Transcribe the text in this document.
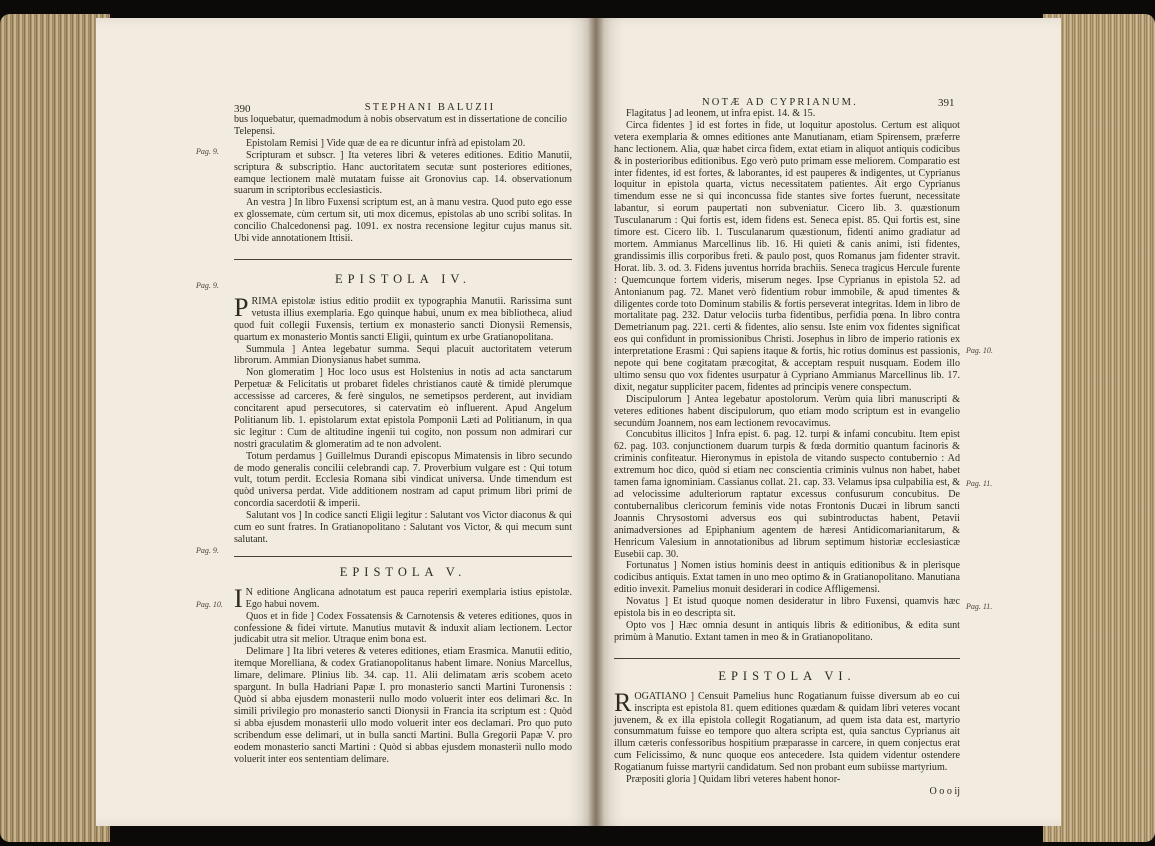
390	STEPHANI BALUZII
Pag. 9.
Pag. 9.
Pag. 9.
Pag. 10.

bus loquebatur, quemadmodum à nobis observatum est in dissertatione de concilio

Telepensi.

Epistolam Remisi ] Vide quæ de ea re dicuntur infrà ad epistolam 20.

Scripturam et subscr. ] Ita veteres libri & veteres editiones. Editio Manutii, scriptura & subscriptio. Hanc auctoritatem secutæ sunt posteriores editiones, eamque lectionem malè mutatam fuisse ait Gronovius cap. 14. observationum suarum in scriptoribus ecclesiasticis.

An vestra ] In libro Fuxensi scriptum est, an à manu vestra. Quod puto ego esse ex glossemate, cùm certum sit, uti mox dicemus, epistolas ab uno scribi solitas. In concilio Chalcedonensi pag. 1091. ex nostra recensione legitur cujus manus sit. Ubi vide annotationem Ittisii.

EPISTOLA IV.
P RIMA epistolæ istius editio prodiit ex typographia Manutii. Rarissima sunt vetusta illius exemplaria. Ego quinque habui, unum ex mea bibliotheca, aliud quod fuit collegii Fuxensis, tertium ex monasterio sancti Dionysii Remensis, quartum ex monasterio Montis sancti Eligii, quintum ex urbe Gratianopolitana.

Summula ] Antea legebatur summa. Sequi placuit auctoritatem veterum librorum. Ammian Dionysianus habet summa.

Non glomeratim ] Hoc loco usus est Holstenius in notis ad acta sanctarum Perpetuæ & Felicitatis ut probaret fideles christianos cautè & timidè plerumque accessisse ad carceres, & ferè singulos, ne semetipsos perderent, aut invidiam concitarent apud persecutores, si catervatim eò influerent. Apud Angelum Politianum lib. 1. epistolarum extat epistola Pomponii Læti ad Politianum, in qua sic legitur : Cum de altitudine ingenii tui cogito, non possum non admirari cur nostri graculatim & glomeratim ad te non advolent.

Totum perdamus ] Guillelmus Durandi episcopus Mimatensis in libro secundo de modo generalis concilii celebrandi cap. 7. Proverbium vulgare est : Qui totum vult, totum perdit. Ecclesia Romana sibi vindicat universa. Unde timendum est quòd universa perdat. Vide additionem nostram ad caput primum libri primi de concordia sacerdotii & imperii.

Salutant vos ] In codice sancti Eligii legitur : Salutant vos Victor diaconus & qui cum eo sunt fratres. In Gratianopolitano : Salutant vos Victor, & qui mecum sunt salutant.

EPISTOLA V.
I N editione Anglicana adnotatum est pauca reperiri exemplaria istius epistolæ. Ego habui novem.

Quos et in fide ] Codex Fossatensis & Carnotensis & veteres editiones, quos in confessione & fidei virtute. Manutius mutavit & induxit aliam lectionem. Lector judicabit utra sit melior. Utraque enim bona est.

Delimare ] Ita libri veteres & veteres editiones, etiam Erasmica. Manutii editio, itemque Morelliana, & codex Gratianopolitanus habent limare. Nonius Marcellus, limare, delimare. Plinius lib. 34. cap. 11. Alii delimatam æris scobem aceto spargunt. In bulla Hadriani Papæ I. pro monasterio sancti Martini Turonensis : Quòd si abba ejusdem monasterii nullo modo voluerit inter eos delimari &c. In simili privilegio pro monasterio sancti Dionysii in Francia ita scriptum est : Quòd si abba ejusdem monasterii ullo modo voluerit inter eos declamari. Pro quo puto scribendum esse delimari, ut in bulla sancti Martini. Bulla Gregorii Papæ V. pro eodem monasterio sancti Martini : Quòd si abbas ejusdem monasterii nullo modo voluerit inter eos sententiam delimare.

NOTÆ AD CYPRIANUM.	391
Pag. 10.
Pag. 11.
Pag. 11.

Flagitatus ] ad leonem, ut infra epist. 14. & 15.

Circa fidentes ] id est fortes in fide, ut loquitur apostolus. Certum est aliquot vetera exemplaria & omnes editiones ante Manutianam, etiam Spirensem, præferre hanc lectionem. Alia, quæ habet circa fidem, extat etiam in aliquot antiquis codicibus & in posterioribus editionibus. Ego verò puto primam esse meliorem. Comparatio est inter fidentes, id est fortes, & laborantes, id est pauperes & indigentes, ut Cyprianus loquitur in epistola quarta, victus necessitatem patientes. Ait ergo Cyprianus timendum esse ne si qui inconcussa fide stantes sive fortes fuerunt, necessitate labantur, si eorum paupertati non subveniatur. Cicero lib. 3. quæstionum Tusculanarum : Qui fortis est, idem fidens est. Seneca epist. 85. Qui fortis est, sine timore est. Cicero lib. 1. Tusculanarum quæstionum, fidenti animo gradiatur ad mortem. Ammianus Marcellinus lib. 16. Hi quieti & canis animi, isti fidentes, grandissimis illis corporibus freti. & paulo post, quos Romanus jam fidenter stravit. Horat. lib. 3. od. 3. Fidens juventus horrida brachiis. Seneca tragicus Hercule furente : Quemcunque fortem videris, miserum neges. Ipse Cyprianus in epistola 52. ad Antonianum pag. 72. Manet verò fidentium robur immobile, & apud timentes & diligentes corde toto Dominum stabilis & fortis perseverat integritas. Idem in libro de mortalitate pag. 232. Datur velociis turba fidentibus, perfidia pœna. In libro contra Demetrianum pag. 221. certi & fidentes, alio sensu. Iste enim vox fidentes significat eos qui confidunt in promissionibus Christi. Josephus in libro de imperio rationis ex interpretatione Erasmi : Qui sapiens itaque & fortis, hic rotius dominus est passionis, nepote qui bene cogitatam præcogitat, & acceptam respuit nusquam. Eodem illo ultimo sensu quo vox fidentes usurpatur à Cypriano Ammianus Marcellinus lib. 17. dixit, negatur suppliciter pacem, fidentes ad principis venere conspectum.

Discipulorum ] Antea legebatur apostolorum. Verùm quia libri manuscripti & veteres editiones habent discipulorum, quo etiam modo scriptum est in evangelio secundùm Joannem, nos eam lectionem revocavimus.

Concubitus illicitos ] Infra epist. 6. pag. 12. turpi & infami concubitu. Item epist 62. pag. 103. conjunctionem duarum turpis & fœda dormitio quantum facinoris & criminis confiteatur. Hieronymus in epistola de vitando suspecto contubernio : Ad extremum hoc dico, quòd si etiam nec conscientia criminis vulnus non habet, habet tamen fama ignominiam. Cassianus collat. 21. cap. 33. Velamus ipsa culpabilia est, & ad velocissime adulteriorum raptatur excessus confusurum concubitus. De contubernalibus clericorum feminis vide notas Frontonis Ducæi in librum sancti Joannis Chrysostomi adversus eos qui subintroductas habent, Petavii animadversiones ad Epiphanium agentem de hæresi Antidicomarianitarum, & Henricum Valesium in annotationibus ad librum septimum historiæ ecclesiasticæ Eusebii cap. 30.

Fortunatus ] Nomen istius hominis deest in antiquis editionibus & in plerisque codicibus antiquis. Extat tamen in uno meo optimo & in Gratianopolitano. Manutiana editio invexit. Pamelius monuit desiderari in codice Affligemensi.

Novatus ] Et istud quoque nomen desideratur in libro Fuxensi, quamvis hæc epistola bis in eo descripta sit.

Opto vos ] Hæc omnia desunt in antiquis libris & editionibus, & edita sunt primùm à Manutio. Extant tamen in meo & in Gratianopolitano.

EPISTOLA VI.
R OGATIANO ] Censuit Pamelius hunc Rogatianum fuisse diversum ab eo cui inscripta est epistola 81. quem editiones quædam & quidam libri veteres vocant juvenem, & ex illa epistola collegit Rogatianum, ad quem ista data est, martyrio consummatum fuisse eo tempore quo altera scripta est, quia sanctus Cyprianus ait illum cæteris confessoribus hospitium præparasse in carcere, in quem conjectus erat cum Felicissimo, & nunc quoque eos antecedere. Ista quidem videntur ostendere Rogatianum fuisse martyrii candidatum. Sed non probant eum subiisse martyrium.

Præpositi gloria ] Quidam libri veteres habent honor-

O o o ij
